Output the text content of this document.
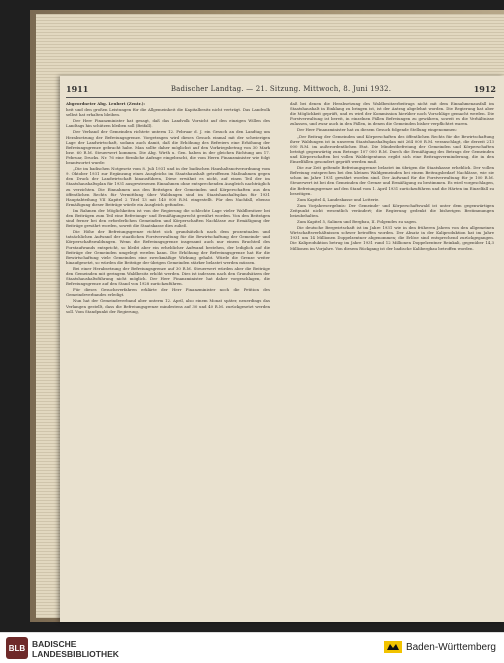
1911	Badischer Landtag. — 21. Sitzung. Mittwoch, 8. Juni 1932.	1912

Abgeordneter Abg. Leubert (Zentr.):

heit und den großen Leistungen für die Allgemeinheit die Kapitalbesitz nicht verträgt. Das Landvolk selbst hat erhalten bleiben.

Der Herr Finanzminister hat gesagt, daß das Landvolk Vorsicht auf den einzigen Willen des Landtags hin schützen bleiben soll (Beifall).

Der Verband der Gemeinden richtete unterm 12. Februar d. J. ein Gesuch an den Landtag um Herabsetzung der Befreiungsgrenze. Vorgetragen wird dieses Gesuch einmal mit der schwierigen Lage der Landwirtschaft, sodann auch damit, daß die Erhöhung des Befreiers eine Erhöhung der Befreiungsgrenze gebracht habe. Man sollte daher möglichst auf den Vorkriegsbetrag von 30 Mark bzw. 60 R.M. Steuerwert kommen. Die Abg. Wirth u. Gen. haben in der gleichen Richtung am 17. Februar, Drucks. Nr. 76 eine förmliche Anfrage eingebracht, die vom Herrn Finanzminister wie folgt beantwortet wurde:

„Die im badischen Notgesetz vom 8. Juli 1931 und in der badischen Haushaltsnotverordnung vom 9. Oktober 1931 zur Ergänzung eines Ausgleichs im Staatshaushalt getroffenen Maßnahmen gegen den Druck der Landwirtschaft hinausführen, Diese erwähnt es nicht, auf einen Teil der im Staatshaushaltsplan für 1931 ausgewiesenen Einnahmen ohne entsprechenden Ausgleich nachträglich zu verzichten. Die Einnahmen aus den Beiträgen der Gemeinden und Körperschaften aus den öffentlichen Rechts für Vermittlung über Waldungen sind im Staatshaushaltsplan für 1931 Hauptabteilung VII Kapitel 2 Titel 13 mit 140 000 R.M. eingestellt. Für den Nachfall, ebenso Ermäßigung dieser Beiträge würde ein Ausgleich gefunden.

Im Rahmen der Möglichkeiten ist von der Regierung die schlechte Lage vieler Waldbesitzer bei den Beiträgen zum Teil eine Befreiungs- und Ermäßigungsrecht gewährt worden. Von den Beiträgen sind ferner bei den erforderlichen Gemeinden und Körperschaften Nachlässe zur Ermäßigung der Beiträge gewährt worden, soweit die Staatskasse dies zuließ.

Die Höhe der Befreiungsgrenze richtet sich grundsätzlich nach dem prozentualen und tatsächlichen Aufwand der staatlichen Forstverwaltung für die Bewirtschaftung der Gemeinde- und Körperschaftswaldungen. Wenn die Befreiungsgrenze insgesamt auch nur einem Bruchteil des Forstaufwands entspricht, so bleibt aber ein erheblicher Aufwand bestehen, der lediglich auf die Beiträge der Gemeinden umgelegt werden kann. Die Erhöhung der Befreiungsgrenze hat für die Bewirtschaftung viele Gemeinden eine zweckmäßige Wirkung gehabt. Würde die Grenze weiter hinaufgesetzt, so würden die Beiträge der übrigen Gemeinden stärker belastet werden müssen.

Bei einer Herabsetzung der Befreiungsgrenze auf 30 R.M. Steuerwert würden aber die Beiträge den Gemeinden mit geringem Waldbesitz erhöht werden. Dies ist indessen nach den Grundsätzen der Staatshaushaltsführung nicht möglich. Der Herr Finanzminister hat daher vorgeschlagen, die Befreiungsgrenze auf den Stand von 1928 zurückzuführen.

Für dieses Gesuchsverfahren erklärte der Herr Finanzminister noch die Petition des Gemeindeverbandes erledigt.

Nun hat der Gemeindeverband aber unterm 12. April, also einem Monat später, neuerdings das Verlangen gestellt, dass die Befreiungsgrenze mindestens auf 30 und 40 R.M. zurückgesetzt werden soll. Vom Standpunkt der Regierung,

daß bei denen die Herabsetzung des Waldbesitzerbeitrags nicht mit dem Einnahmenausfall im Staatshaushalt in Einklang zu bringen ist, ist der Antrag abgelehnt worden. Die Regierung hat aber die Möglichkeit geprüft, und es wird der Kommission hierüber noch Vorschläge gemacht werden. Die Forstverwaltung ist bereit, in einzelnen Fällen Befreiungen zu gewähren, soweit es die Verhältnisse zulassen, und zwar auch in den Fällen, in denen die Gemeinden bisher verpflichtet waren.

Der Herr Finanzminister hat zu diesem Gesuch folgende Stellung eingenommen:

„Der Beitrag der Gemeinden und Körperschaften des öffentlichen Rechts für die Bewirtschaftung ihrer Waldungen ist in unserem Staatshaushaltsplan mit 264 000 R.M. veranschlagt, die derzeit 213 000 R.M. im außerordentlichen Etat. Die Mindestbefreiung der Gemeinden und Körperschaften beträgt gegenwärtig zum Betrage 107 000 R.M. Durch die Ermäßigung des Betrags der Gemeinden und Körperschaften bei vollen Waldeigentums ergibt sich eine Beitragsverminderung, die in den Einzelfällen gesondert geprüft werden muß.

Die zur Zeit geltende Befreiungsgrenze belastet im übrigen die Staatskasse erheblich. Der vollen Befreiung entsprechen bei den kleinen Waldgemeinden bei einem Beitragsbedarf Nachlässe, wie sie schon im Jahre 1931 gewährt worden sind. Der Aufwand für die Forstverwaltung für je 100 R.M. Steuerwert ist bei den Gemeinden der Grenze und Ermäßigung zu bestimmen. Es wird vorgeschlagen, die Befreiungsgrenze auf den Stand vom 1. April 1931 zurückzuführen und die Härten im Einzelfall zu beseitigen.

Zum Kapitel 4, Landeskasse und Lotterie.

Zum Vorjahresergebnis: Der Gemeinde- und Körperschaftswald ist unter dem gegenwärtigen Zeitpunkt nicht wesentlich verändert; die Regierung gedenkt die bisherigen Bestimmungen beizubehalten.

Zum Kapitel 5, Salinen und Bergbau, II. Folgendes zu sagen.

Die deutsche Bergwirtschaft ist im Jahre 1931 wie in den früheren Jahren von den allgemeinen Wirtschaftsverhältnissen schwer betroffen worden. Der Absatz in der Kaliproduktion hat im Jahre 1931 um 14 Millionen Doppelzentner abgenommen; die Erlöse sind entsprechend zurückgegangen. Die Kaliproduktion betrug im Jahre 1931 rund 12 Millionen Doppelzentner Reinkali, gegenüber 14,3 Millionen im Vorjahre. Von diesem Rückgang ist der badische Kalibergbau betroffen worden.

BLB BADISCHE
LANDESBIBLIOTHEK
Baden-Württemberg
